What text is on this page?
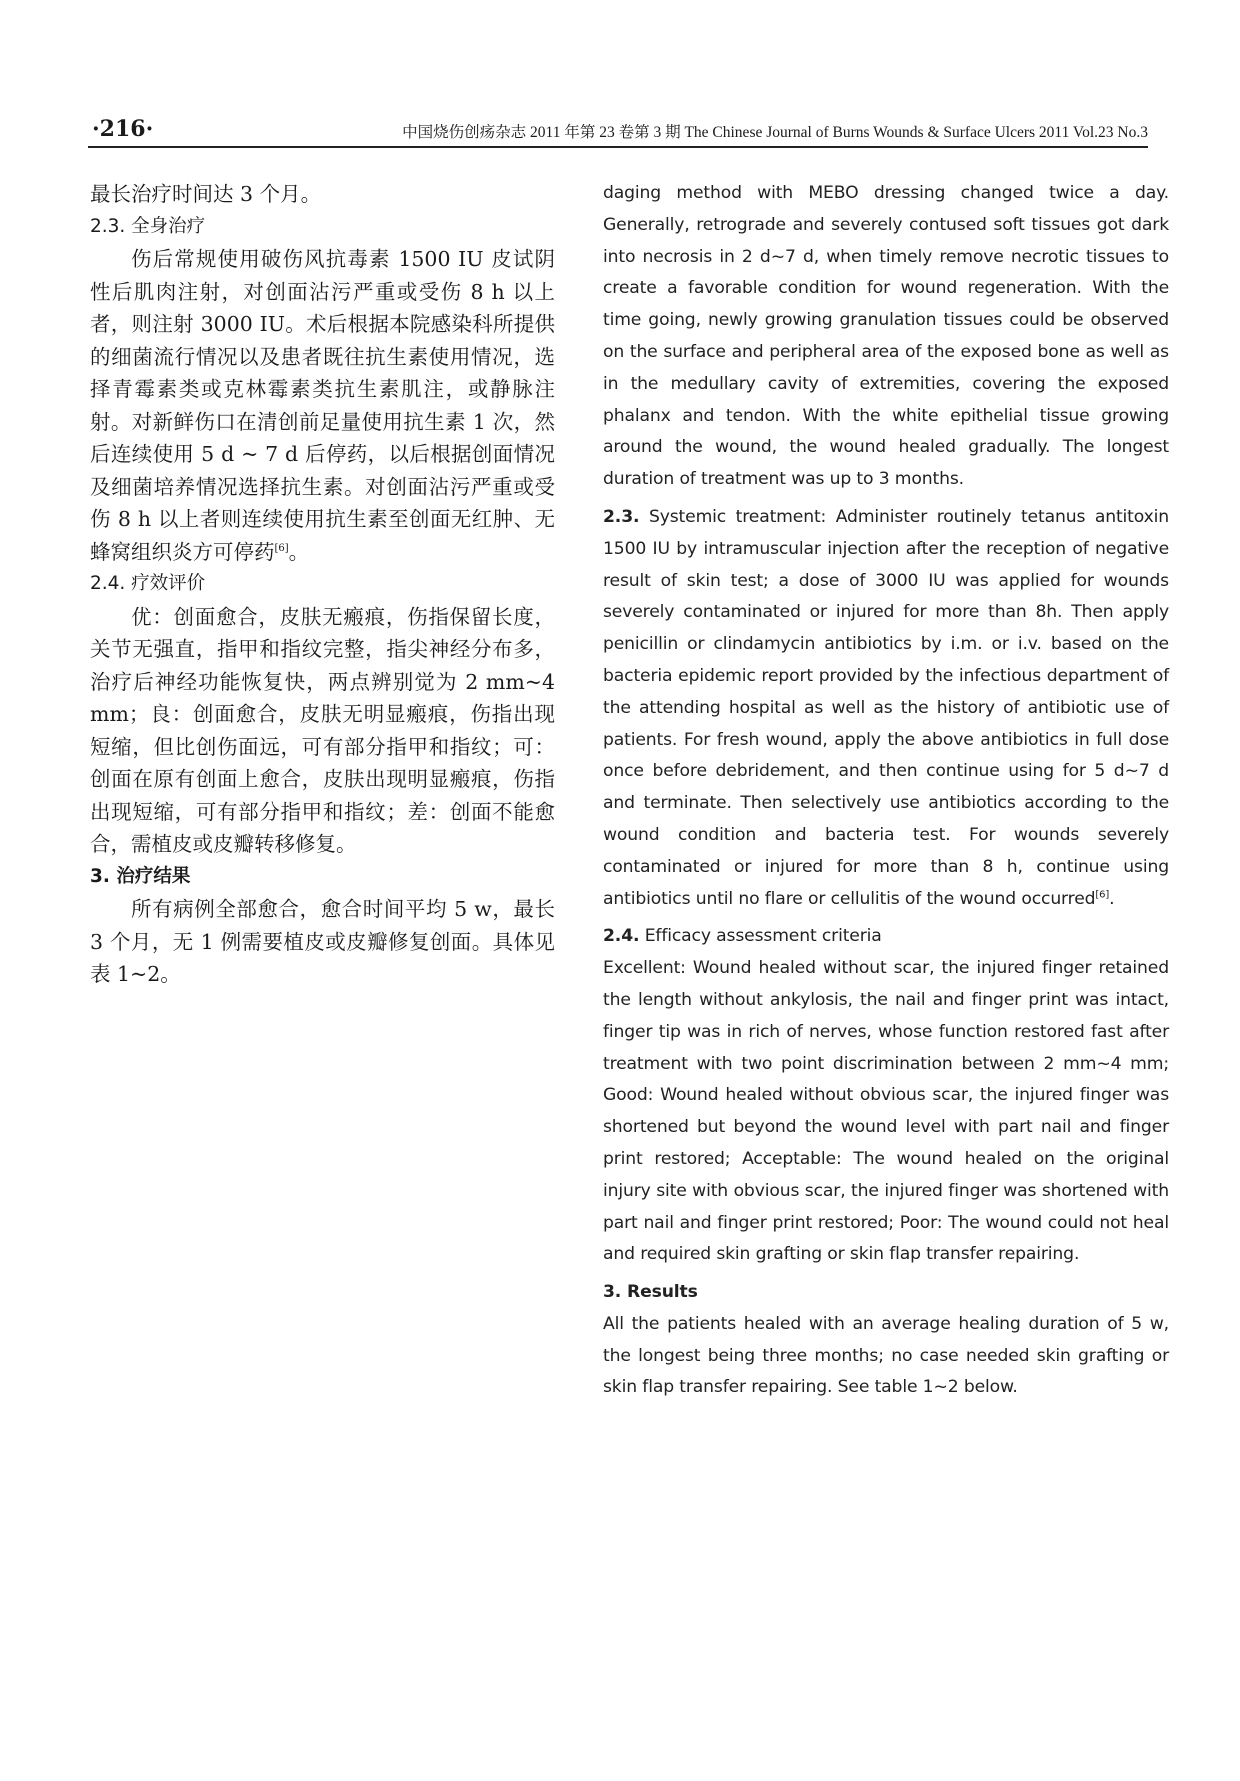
·216·	中国烧伤创疡杂志 2011 年第 23 卷第 3 期 The Chinese Journal of Burns Wounds & Surface Ulcers 2011 Vol.23 No.3

最长治疗时间达 3 个月。

2.3. 全身治疗

伤后常规使用破伤风抗毒素 1500 IU 皮试阴性后肌肉注射，对创面沾污严重或受伤 8 h 以上者，则注射 3000 IU。术后根据本院感染科所提供的细菌流行情况以及患者既往抗生素使用情况，选择青霉素类或克林霉素类抗生素肌注，或静脉注射。对新鲜伤口在清创前足量使用抗生素 1 次，然后连续使用 5 d ~ 7 d 后停药，以后根据创面情况及细菌培养情况选择抗生素。对创面沾污严重或受伤 8 h 以上者则连续使用抗生素至创面无红肿、无蜂窝组织炎方可停药[6]。

2.4. 疗效评价

优：创面愈合，皮肤无瘢痕，伤指保留长度，关节无强直，指甲和指纹完整，指尖神经分布多，治疗后神经功能恢复快，两点辨别觉为 2 mm~4 mm；良：创面愈合，皮肤无明显瘢痕，伤指出现短缩，但比创伤面远，可有部分指甲和指纹；可：创面在原有创面上愈合，皮肤出现明显瘢痕，伤指出现短缩，可有部分指甲和指纹；差：创面不能愈合，需植皮或皮瓣转移修复。

3. 治疗结果

所有病例全部愈合，愈合时间平均 5 w，最长 3 个月，无 1 例需要植皮或皮瓣修复创面。具体见表 1~2。

daging method with MEBO dressing changed twice a day. Generally, retrograde and severely contused soft tissues got dark into necrosis in 2 d~7 d, when timely remove necrotic tissues to create a favorable condition for wound regeneration. With the time going, newly growing granulation tissues could be observed on the surface and peripheral area of the exposed bone as well as in the medullary cavity of extremities, covering the exposed phalanx and tendon. With the white epithelial tissue growing around the wound, the wound healed gradually. The longest duration of treatment was up to 3 months.

2.3. Systemic treatment: Administer routinely tetanus antitoxin 1500 IU by intramuscular injection after the reception of negative result of skin test; a dose of 3000 IU was applied for wounds severely contaminated or injured for more than 8h. Then apply penicillin or clindamycin antibiotics by i.m. or i.v. based on the bacteria epidemic report provided by the infectious department of the attending hospital as well as the history of antibiotic use of patients. For fresh wound, apply the above antibiotics in full dose once before debridement, and then continue using for 5 d~7 d and terminate. Then selectively use antibiotics according to the wound condition and bacteria test. For wounds severely contaminated or injured for more than 8 h, continue using antibiotics until no flare or cellulitis of the wound occurred[6].

2.4. Efficacy assessment criteria

Excellent: Wound healed without scar, the injured finger retained the length without ankylosis, the nail and finger print was intact, finger tip was in rich of nerves, whose function restored fast after treatment with two point discrimination between 2 mm~4 mm; Good: Wound healed without obvious scar, the injured finger was shortened but beyond the wound level with part nail and finger print restored; Acceptable: The wound healed on the original injury site with obvious scar, the injured finger was shortened with part nail and finger print restored; Poor: The wound could not heal and required skin grafting or skin flap transfer repairing.

3. Results

All the patients healed with an average healing duration of 5 w, the longest being three months; no case needed skin grafting or skin flap transfer repairing. See table 1~2 below.
